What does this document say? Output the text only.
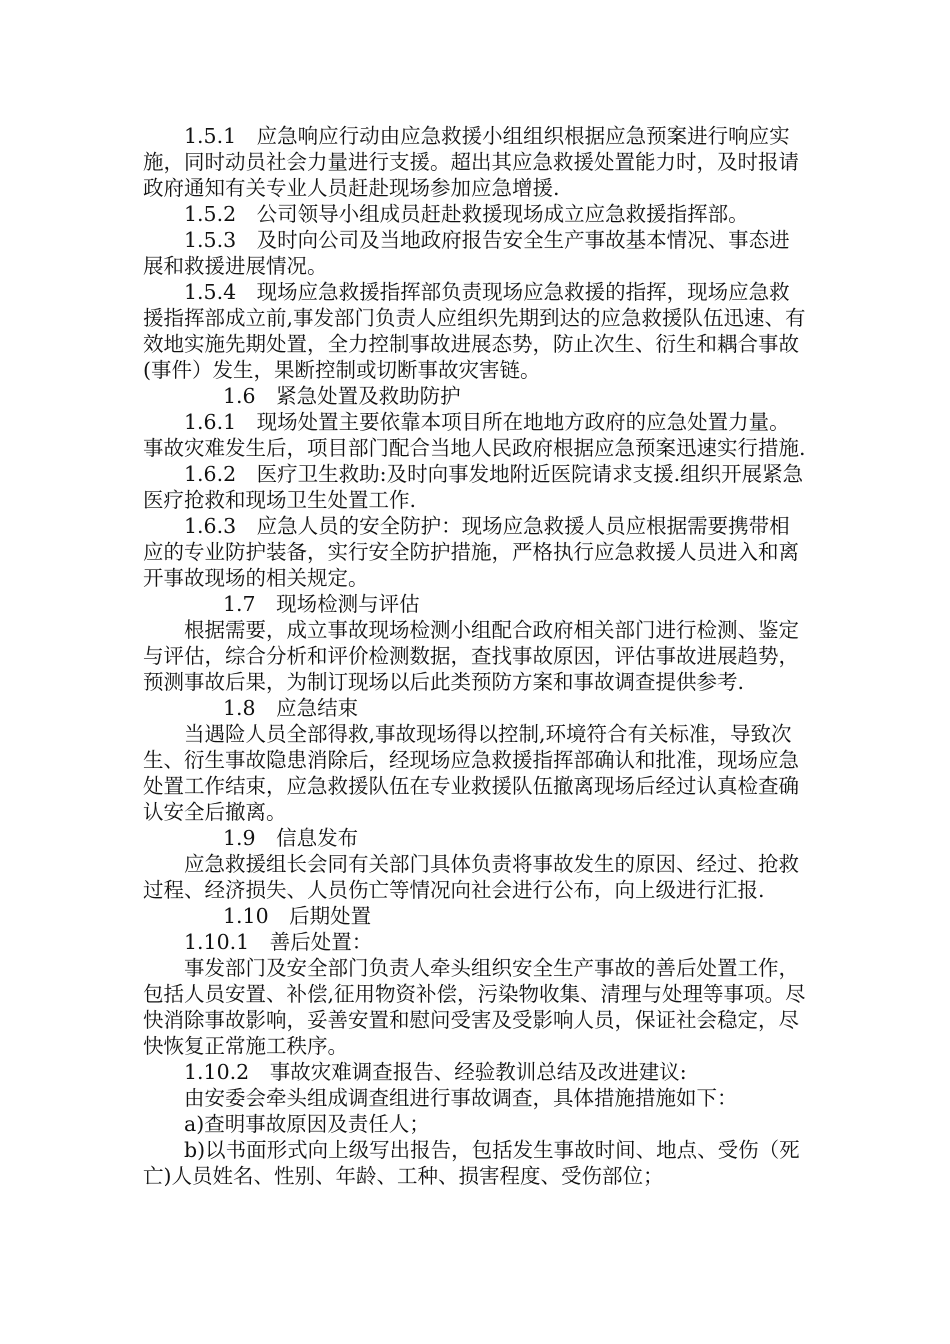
1.5.1　应急响应行动由应急救援小组组织根据应急预案进行响应实施，同时动员社会力量进行支援。超出其应急救援处置能力时，及时报请政府通知有关专业人员赶赴现场参加应急增援.

1.5.2　公司领导小组成员赶赴救援现场成立应急救援指挥部。

1.5.3　及时向公司及当地政府报告安全生产事故基本情况、事态进展和救援进展情况。

1.5.4　现场应急救援指挥部负责现场应急救援的指挥，现场应急救援指挥部成立前,事发部门负责人应组织先期到达的应急救援队伍迅速、有效地实施先期处置，全力控制事故进展态势，防止次生、衍生和耦合事故(事件）发生，果断控制或切断事故灾害链。

1.6　紧急处置及救助防护

1.6.1　现场处置主要依靠本项目所在地地方政府的应急处置力量。事故灾难发生后，项目部门配合当地人民政府根据应急预案迅速实行措施.

1.6.2　医疗卫生救助:及时向事发地附近医院请求支援.组织开展紧急医疗抢救和现场卫生处置工作.

1.6.3　应急人员的安全防护：现场应急救援人员应根据需要携带相应的专业防护装备，实行安全防护措施，严格执行应急救援人员进入和离开事故现场的相关规定。

1.7　现场检测与评估

根据需要，成立事故现场检测小组配合政府相关部门进行检测、鉴定与评估，综合分析和评价检测数据，查找事故原因，评估事故进展趋势，预测事故后果，为制订现场以后此类预防方案和事故调查提供参考.

1.8　应急结束

当遇险人员全部得救,事故现场得以控制,环境符合有关标准，导致次生、衍生事故隐患消除后，经现场应急救援指挥部确认和批准，现场应急处置工作结束，应急救援队伍在专业救援队伍撤离现场后经过认真检查确认安全后撤离。

1.9　信息发布

应急救援组长会同有关部门具体负责将事故发生的原因、经过、抢救过程、经济损失、人员伤亡等情况向社会进行公布，向上级进行汇报.

1.10　后期处置

1.10.1　善后处置：

事发部门及安全部门负责人牵头组织安全生产事故的善后处置工作，包括人员安置、补偿,征用物资补偿，污染物收集、清理与处理等事项。尽快消除事故影响，妥善安置和慰问受害及受影响人员，保证社会稳定，尽快恢复正常施工秩序。

1.10.2　事故灾难调查报告、经验教训总结及改进建议:

由安委会牵头组成调查组进行事故调查，具体措施措施如下：

a)查明事故原因及责任人；

b)以书面形式向上级写出报告，包括发生事故时间、地点、受伤（死亡)人员姓名、性别、年龄、工种、损害程度、受伤部位；
